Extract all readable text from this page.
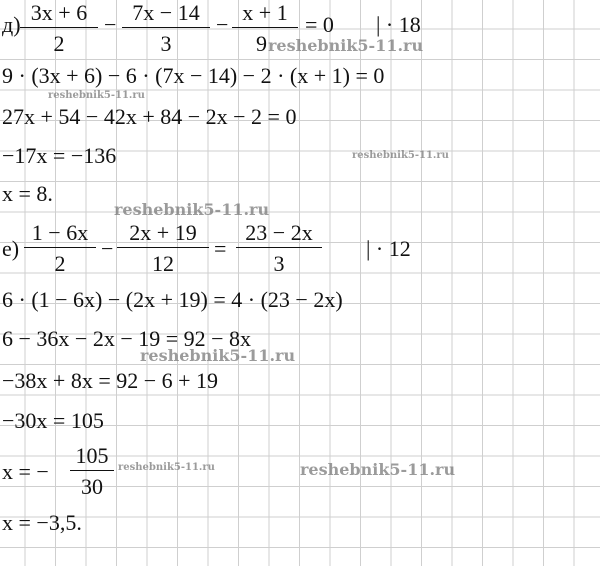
д) 3x + 6
2
− 7x − 14
3
− x + 1
9
= 0 | · 18
9 · (3x + 6) − 6 · (7x − 14) − 2 · (x + 1) = 0
27x + 54 − 42x + 84 − 2x − 2 = 0
−17x = −136
x = 8.
е)
1 − 6x
2
−
2x + 19
12
=
23 − 2x
3
| · 12
6 · (1 − 6x) − (2x + 19) = 4 · (23 − 2x)
6 − 36x − 2x − 19 = 92 − 8x
−38x + 8x = 92 − 6 + 19
−30x = 105
x = −
105
30
x = −3,5.
reshebnik5-11.ru
reshebnik5-11.ru
reshebnik5-11.ru
reshebnik5-11.ru
reshebnik5-11.ru
reshebnik5-11.ru	reshebnik5-11.ru
